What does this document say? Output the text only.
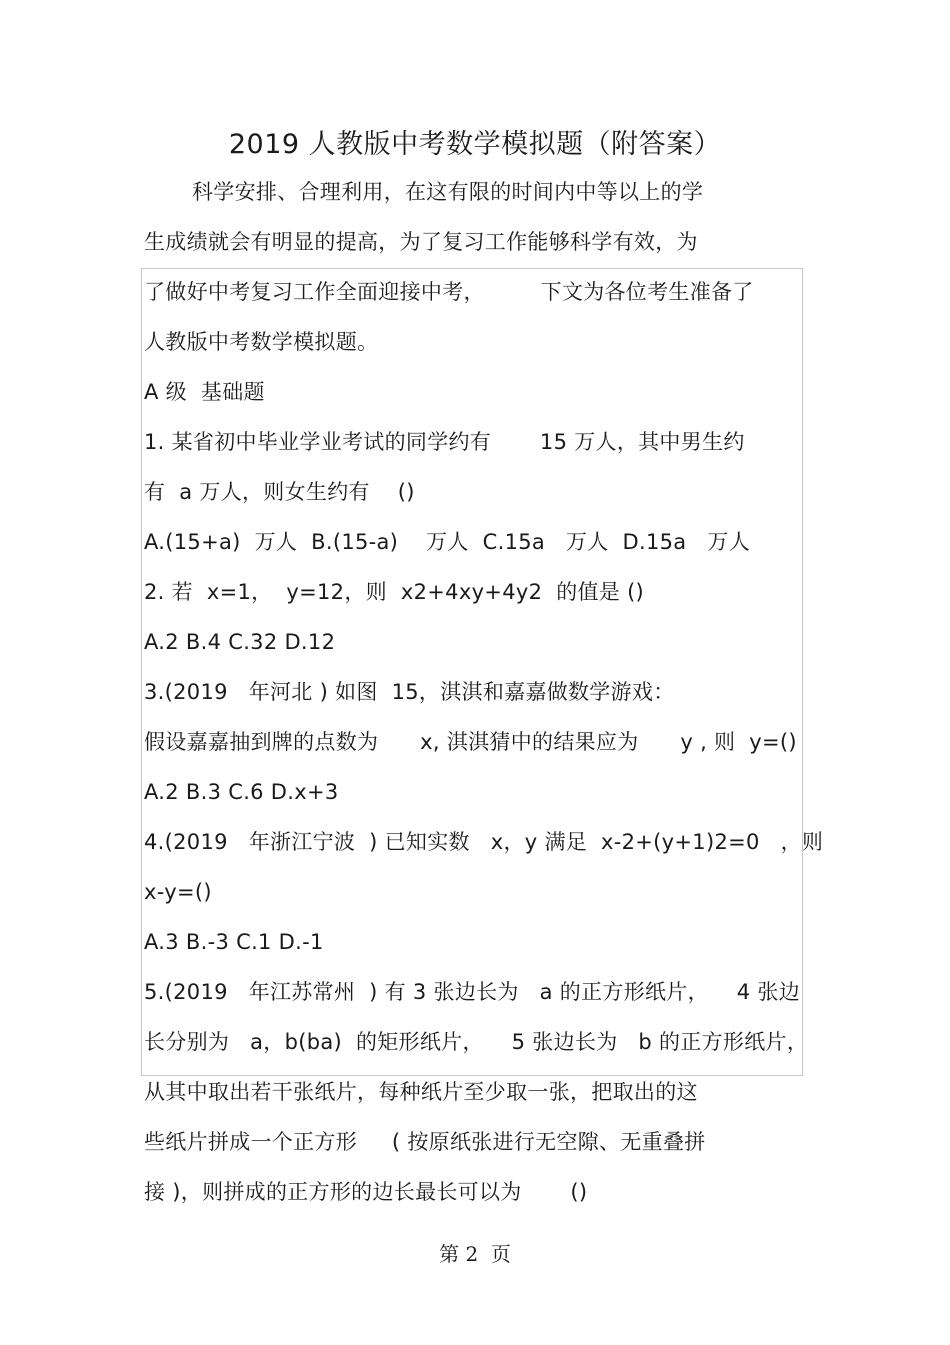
2019 人教版中考数学模拟题（附答案）
科学安排、合理利用，在这有限的时间内中等以上的学
生成绩就会有明显的提高，为了复习工作能够科学有效，为
了做好中考复习工作全面迎接中考，        下文为各位考生准备了
人教版中考数学模拟题。
A 级  基础题
1. 某省初中毕业学业考试的同学约有       15 万人，其中男生约
有  a 万人，则女生约有    ()
A.(15+a)  万人  B.(15-a)    万人  C.15a   万人  D.15a   万人
2. 若  x=1，  y=12，则  x2+4xy+4y2  的值是 ()
A.2 B.4 C.32 D.12
3.(2019   年河北 ) 如图  15，淇淇和嘉嘉做数学游戏：
假设嘉嘉抽到牌的点数为      x, 淇淇猜中的结果应为      y , 则  y=()
A.2 B.3 C.6 D.x+3
4.(2019   年浙江宁波  ) 已知实数   x，y 满足  x-2+(y+1)2=0   ，则
x-y=()
A.3 B.-3 C.1 D.-1
5.(2019   年江苏常州  ) 有 3 张边长为   a 的正方形纸片，    4 张边
长分别为   a，b(ba)  的矩形纸片，    5 张边长为   b 的正方形纸片，
从其中取出若干张纸片，每种纸片至少取一张，把取出的这
些纸片拼成一个正方形     ( 按原纸张进行无空隙、无重叠拼
接 )，则拼成的正方形的边长最长可以为       ()
第 2  页
